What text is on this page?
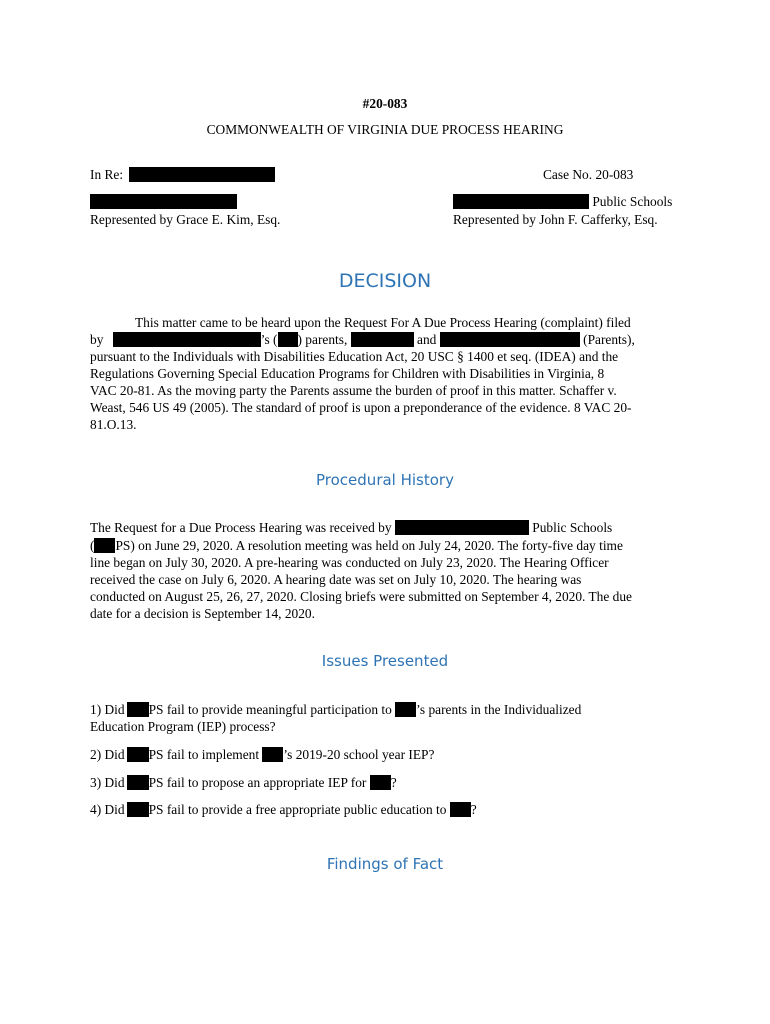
#20-083
COMMONWEALTH OF VIRGINIA DUE PROCESS HEARING
In Re:	Case No. 20-083
Public Schools
Represented by Grace E. Kim, Esq.	Represented by John F. Cafferky, Esq.
DECISION
This matter came to be heard upon the Request For A Due Process Hearing (complaint) filed
by	’s ( ) parents,	and	(Parents),
pursuant to the Individuals with Disabilities Education Act, 20 USC § 1400 et seq. (IDEA) and the
Regulations Governing Special Education Programs for Children with Disabilities in Virginia, 8
VAC 20-81. As the moving party the Parents assume the burden of proof in this matter. Schaffer v.
Weast, 546 US 49 (2005). The standard of proof is upon a preponderance of the evidence. 8 VAC 20-
81.O.13.
Procedural History
The Request for a Due Process Hearing was received by	Public Schools
( PS) on June 29, 2020. A resolution meeting was held on July 24, 2020. The forty-five day time
line began on July 30, 2020. A pre-hearing was conducted on July 23, 2020. The Hearing Officer
received the case on July 6, 2020. A hearing date was set on July 10, 2020. The hearing was
conducted on August 25, 26, 27, 2020. Closing briefs were submitted on September 4, 2020. The due
date for a decision is September 14, 2020.
Issues Presented
1) Did PS fail to provide meaningful participation to ’s parents in the Individualized
Education Program (IEP) process?
2) Did PS fail to implement ’s 2019-20 school year IEP?
3) Did PS fail to propose an appropriate IEP for ?
4) Did PS fail to provide a free appropriate public education to ?
Findings of Fact
